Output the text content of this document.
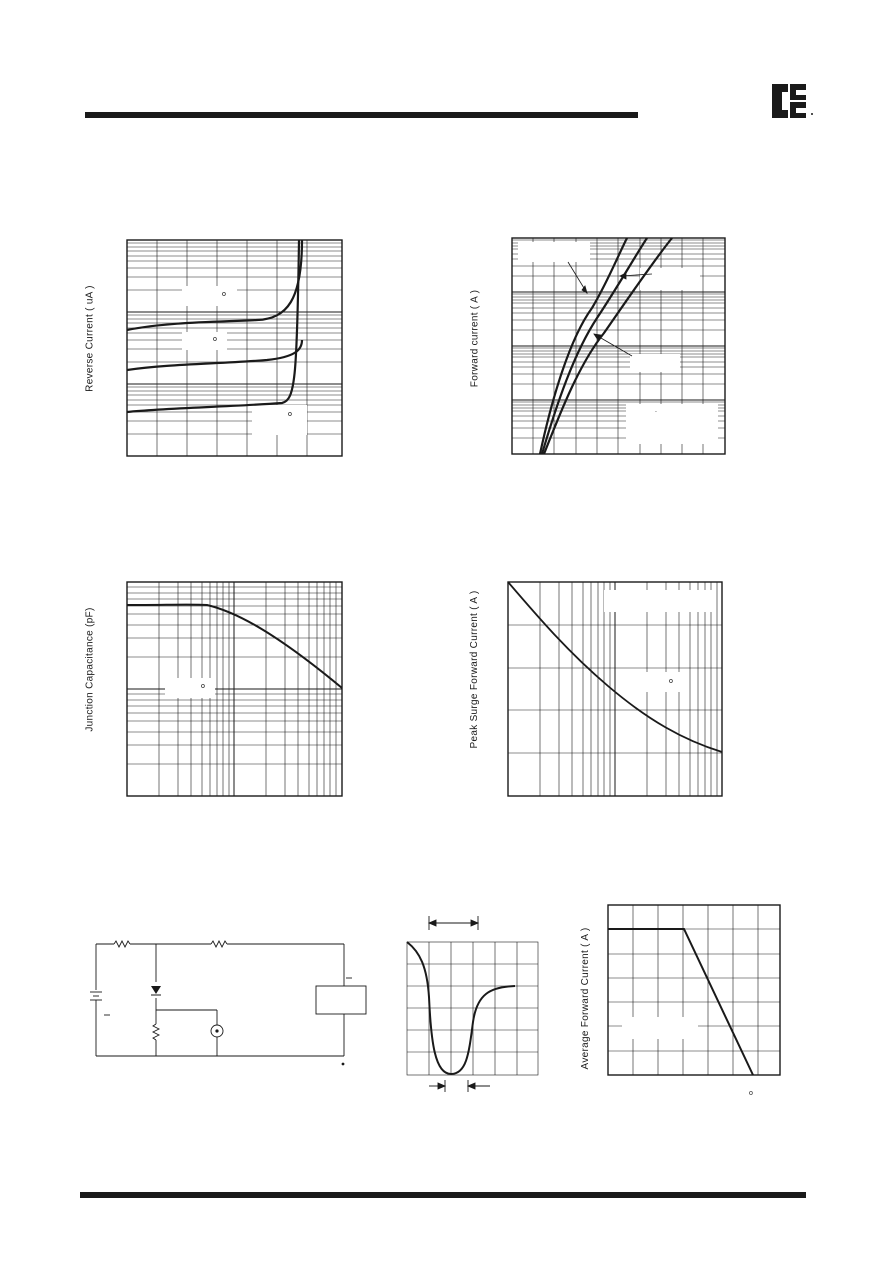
Reverse Current ( uA )	o
o
o
Forward current ( A )
.
Junction Capacitance (pF)	o	Peak Surge Forward Current ( A )	o
Average Forward Current ( A )
o
